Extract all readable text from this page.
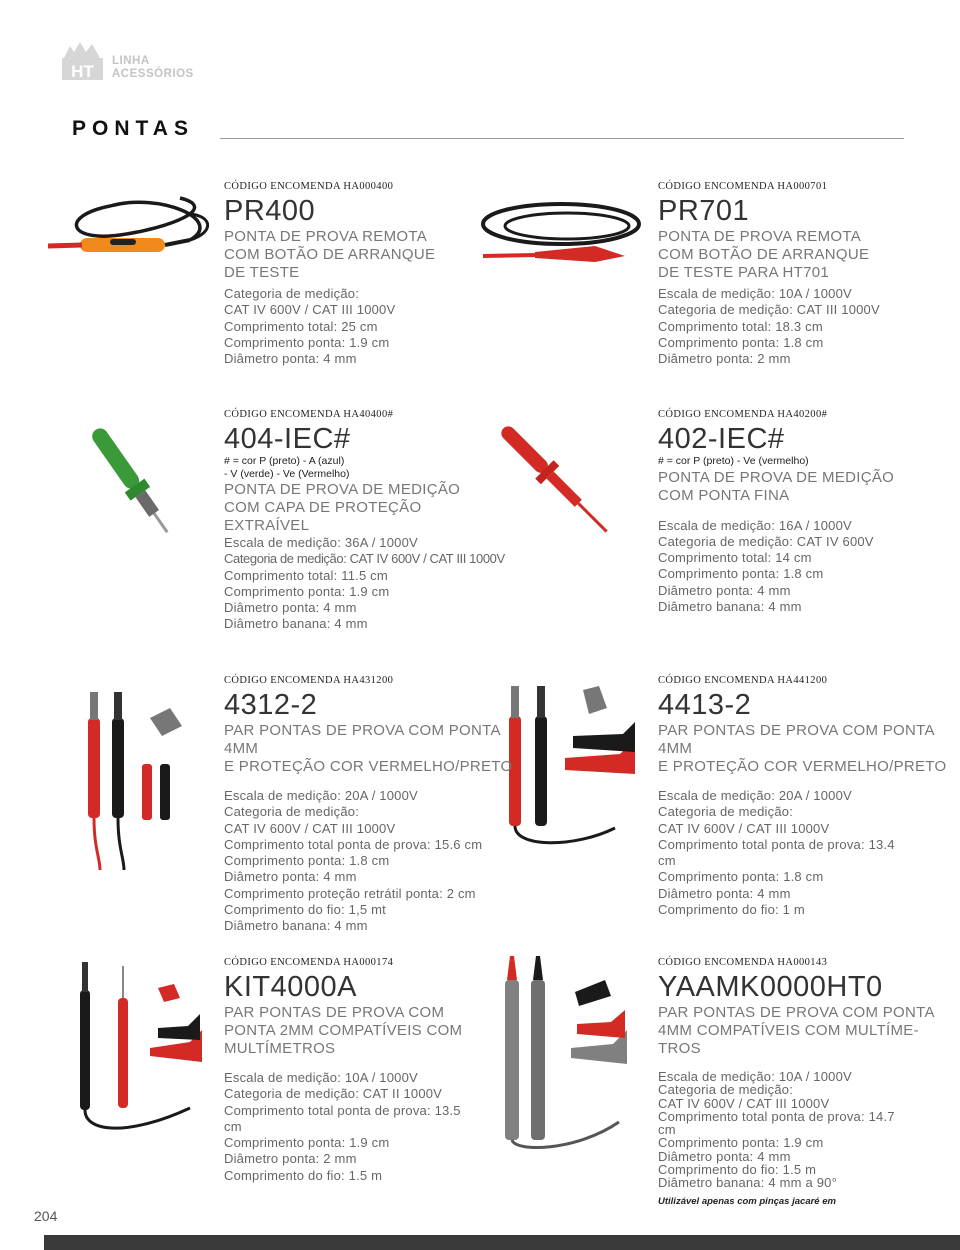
HT
LINHA
ACESSÓRIOS
PONTAS
CÓDIGO ENCOMENDA HA000400
PR400
PONTA DE PROVA REMOTA
COM BOTÃO DE ARRANQUE
DE TESTE
Categoria de medição:
CAT IV 600V / CAT III 1000V
Comprimento total: 25 cm
Comprimento ponta: 1.9 cm
Diâmetro ponta: 4 mm
CÓDIGO ENCOMENDA HA000701
PR701
PONTA DE PROVA REMOTA
COM BOTÃO DE ARRANQUE
DE TESTE PARA HT701
Escala de medição: 10A / 1000V
Categoria de medição: CAT III 1000V
Comprimento total: 18.3 cm
Comprimento ponta: 1.8 cm
Diâmetro ponta: 2 mm
CÓDIGO ENCOMENDA HA40400#
404-IEC#
# = cor P (preto) - A (azul)
- V (verde) - Ve (Vermelho)
PONTA DE PROVA DE MEDIÇÃO
COM CAPA DE PROTEÇÃO
EXTRAÍVEL
Escala de medição: 36A / 1000V
Categoria de medição: CAT IV 600V / CAT III 1000V
Comprimento total: 11.5 cm
Comprimento ponta: 1.9 cm
Diâmetro ponta: 4 mm
Diâmetro banana: 4 mm
CÓDIGO ENCOMENDA HA40200#
402-IEC#
# = cor P (preto) - Ve (vermelho)
PONTA DE PROVA DE MEDIÇÃO
COM PONTA FINA
Escala de medição: 16A / 1000V
Categoria de medição: CAT IV 600V
Comprimento total: 14 cm
Comprimento ponta: 1.8 cm
Diâmetro ponta: 4 mm
Diâmetro banana: 4 mm
CÓDIGO ENCOMENDA HA431200
4312-2
PAR PONTAS DE PROVA COM PONTA
4MM
E PROTEÇÃO COR VERMELHO/PRETO
Escala de medição: 20A / 1000V
Categoria de medição:
CAT IV 600V / CAT III 1000V
Comprimento total ponta de prova: 15.6 cm
Comprimento ponta: 1.8 cm
Diâmetro ponta: 4 mm
Comprimento proteção retrátil ponta: 2 cm
Comprimento do fio: 1,5 mt
Diâmetro banana: 4 mm
CÓDIGO ENCOMENDA HA441200
4413-2
PAR PONTAS DE PROVA COM PONTA
4MM
E PROTEÇÃO COR VERMELHO/PRETO
Escala de medição: 20A / 1000V
Categoria de medição:
CAT IV 600V / CAT III 1000V
Comprimento total ponta de prova: 13.4
cm
Comprimento ponta: 1.8 cm
Diâmetro ponta: 4 mm
Comprimento do fio: 1 m
CÓDIGO ENCOMENDA HA000174
KIT4000A
PAR PONTAS DE PROVA COM
PONTA 2MM COMPATÍVEIS COM
MULTÍMETROS
Escala de medição: 10A / 1000V
Categoria de medição: CAT II 1000V
Comprimento total ponta de prova: 13.5
cm
Comprimento ponta: 1.9 cm
Diâmetro ponta: 2 mm
Comprimento do fio: 1.5 m
CÓDIGO ENCOMENDA HA000143
YAAMK0000HT0
PAR PONTAS DE PROVA COM PONTA
4MM COMPATÍVEIS COM MULTÍME-
TROS
Escala de medição: 10A / 1000V
Categoria de medição:
CAT IV 600V / CAT III 1000V
Comprimento total ponta de prova: 14.7
cm
Comprimento ponta: 1.9 cm
Diâmetro ponta: 4 mm
Comprimento do fio: 1.5 m
Diâmetro banana: 4 mm a 90°
Utilizável apenas com pinças jacaré em
204
